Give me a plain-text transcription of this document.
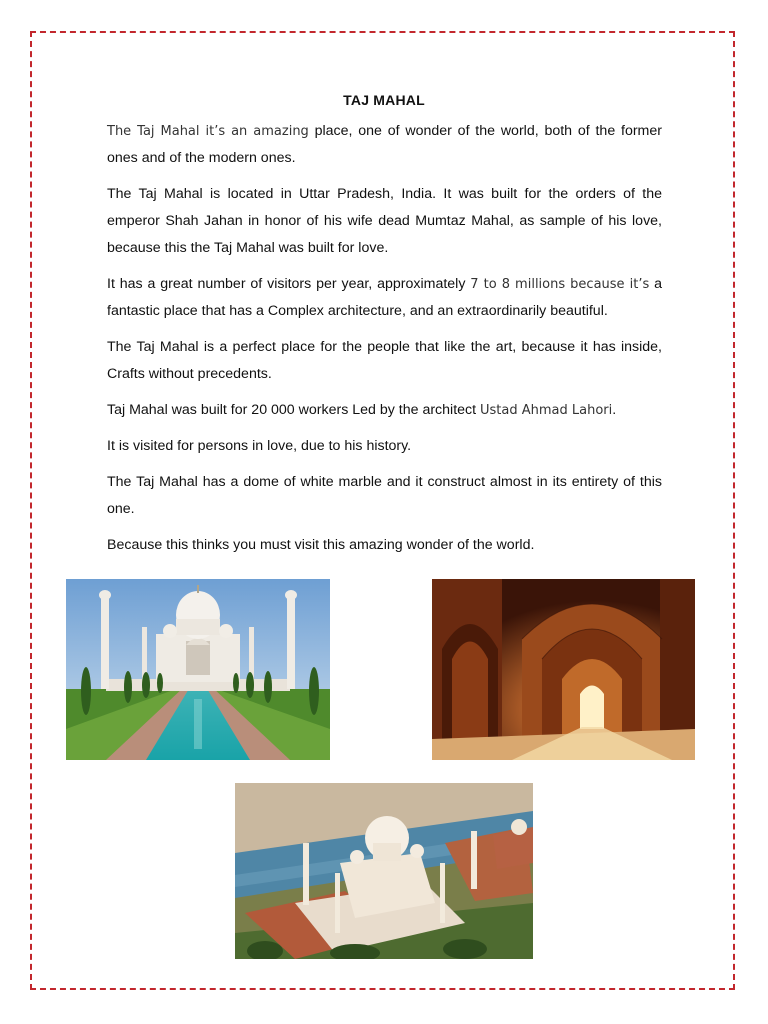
TAJ MAHAL

The Taj Mahal it’s an amazing place, one of wonder of the world, both of the former ones and of the modern ones.

The Taj Mahal is located in Uttar Pradesh, India. It was built for the orders of the emperor Shah Jahan in honor of his wife dead Mumtaz Mahal, as sample of his love, because this the Taj Mahal was built for love.

It has a great number of visitors per year, approximately 7 to 8 millions because it’s a fantastic place that has a Complex architecture, and an extraordinarily beautiful.

The Taj Mahal is a perfect place for the people that like the art, because it has inside, Crafts without precedents.

Taj Mahal was built for 20 000 workers Led by the architect Ustad Ahmad Lahori.

It is visited for persons in love, due to his history.

The Taj Mahal has a dome of white marble and it construct almost in its entirety of this one.

Because this thinks you must visit this amazing wonder of the world.
